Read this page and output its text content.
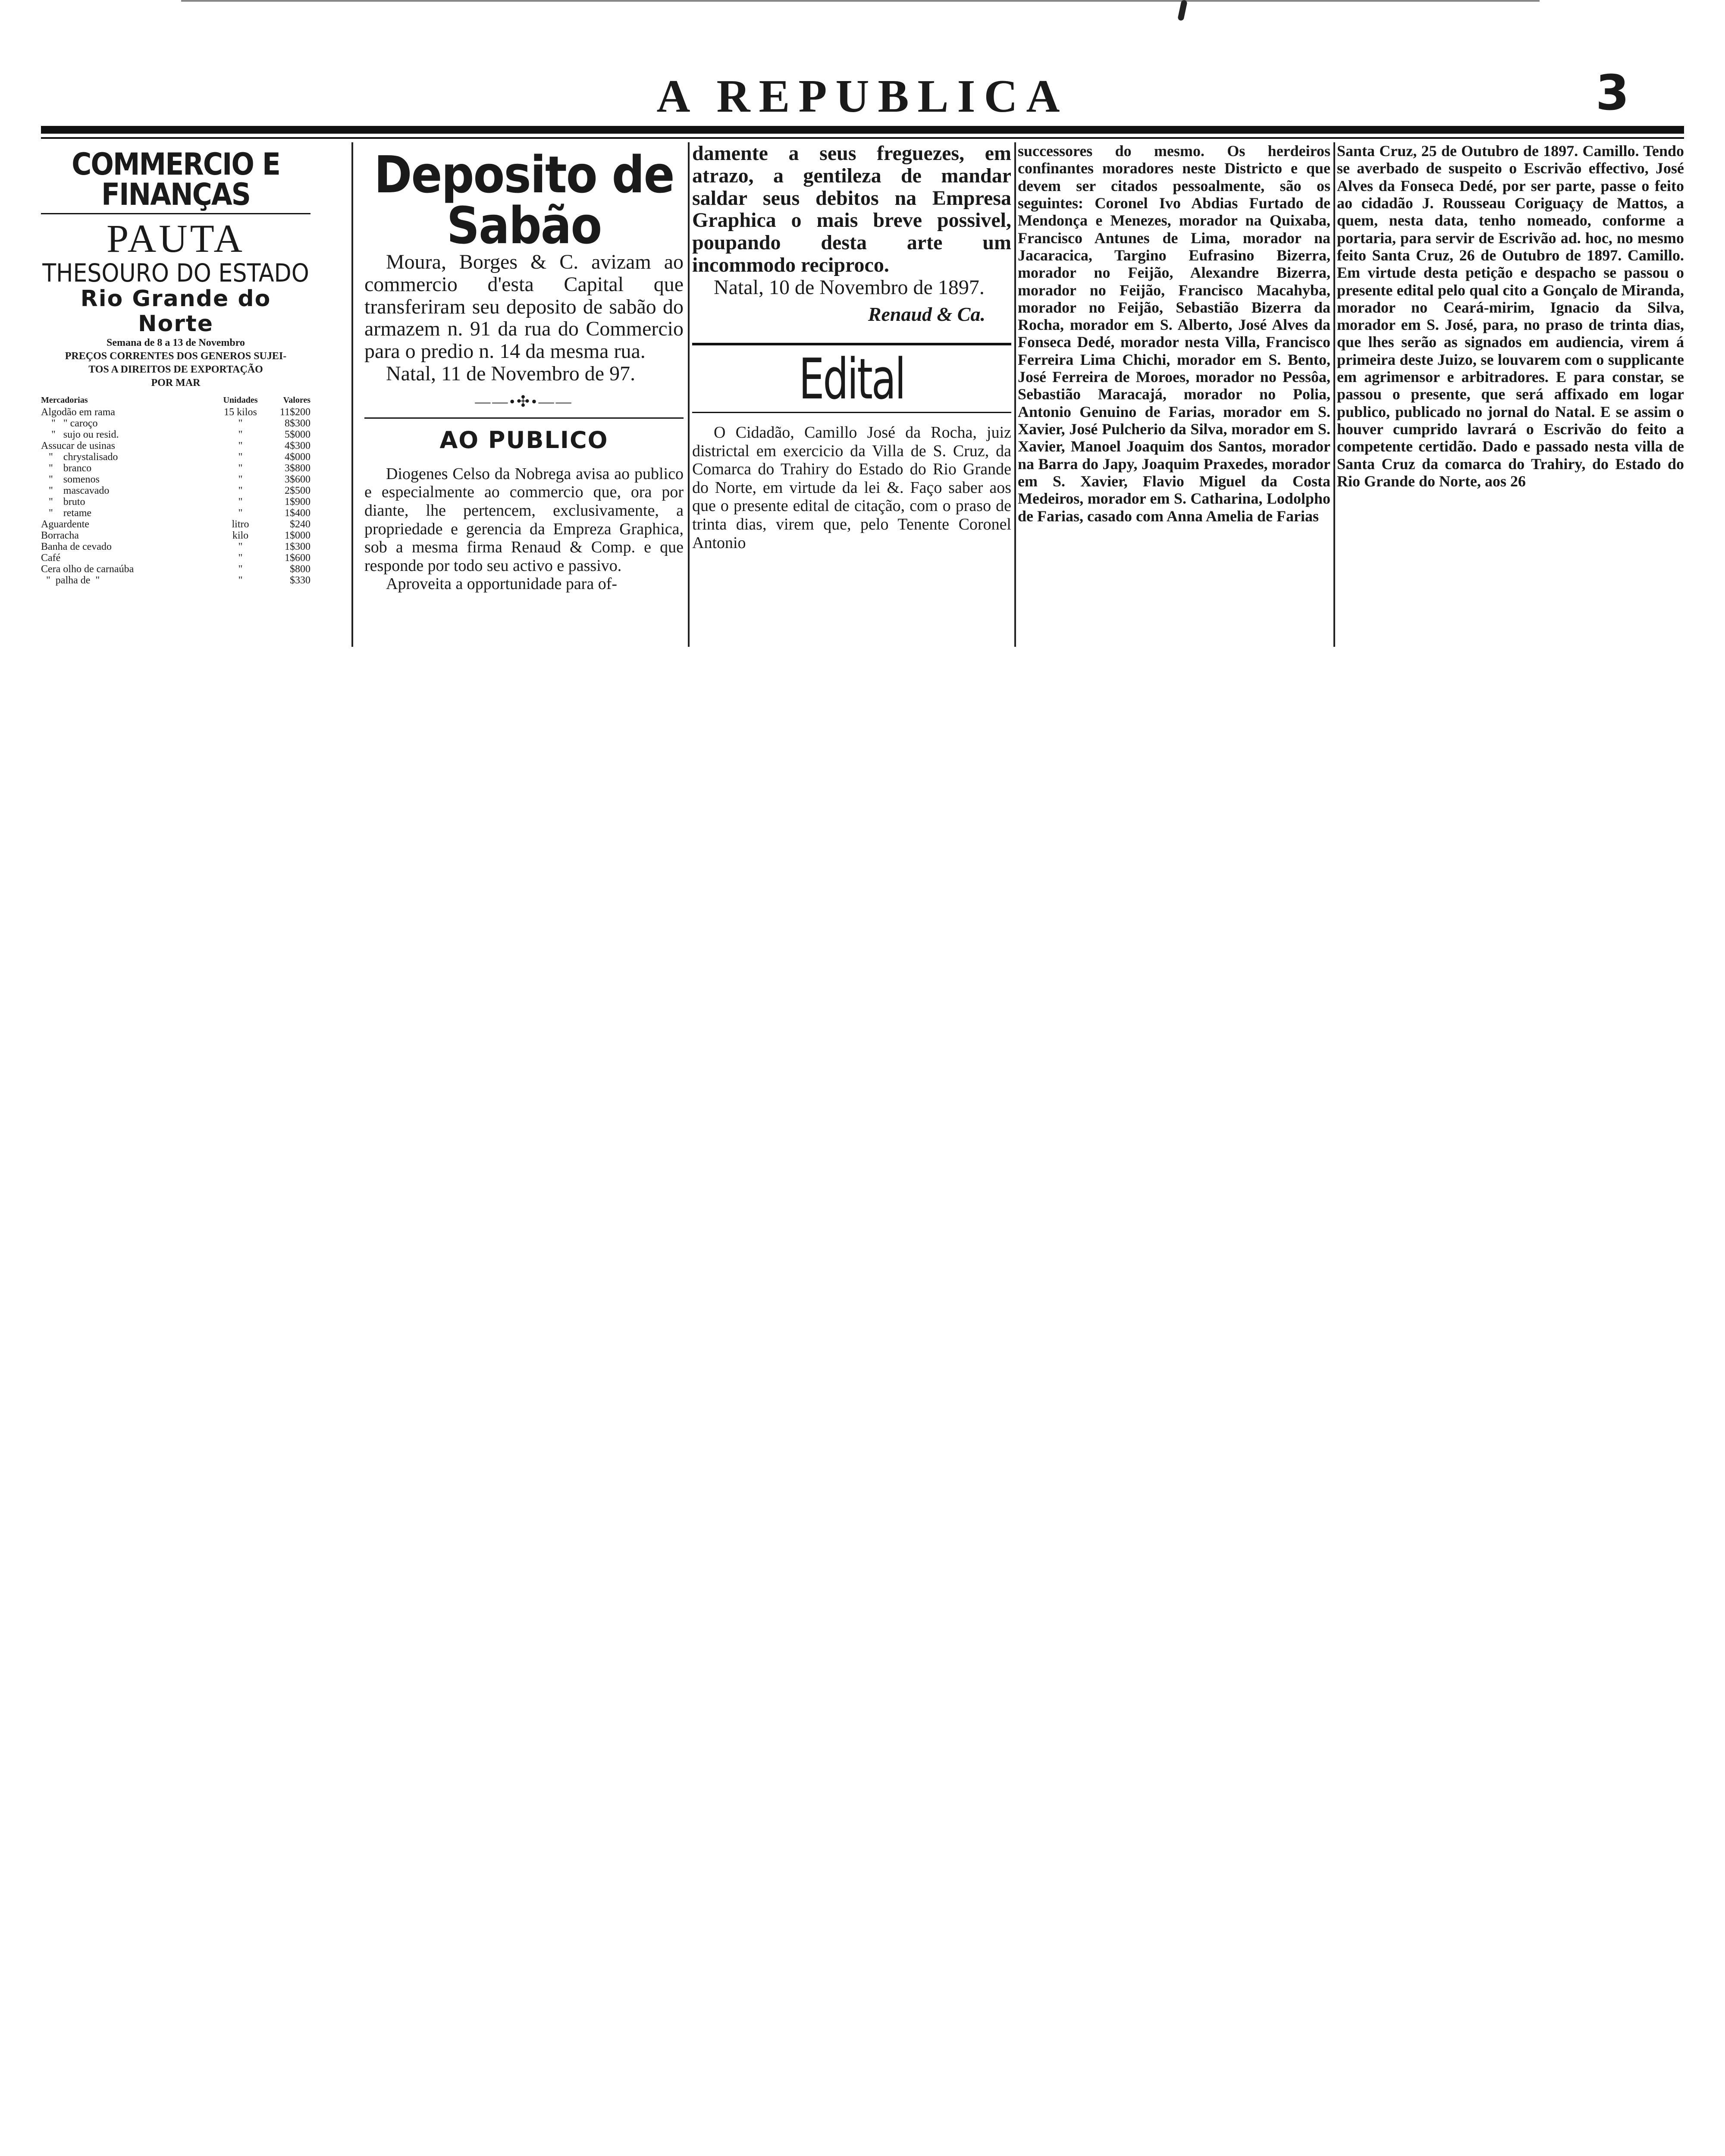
A REPUBLICA	3
COMMERCIO E FINANÇAS
PAUTA
THESOURO DO ESTADO
Rio Grande do Norte
Semana de 8 a 13 de Novembro
PREÇOS CORRENTES DOS GENEROS SUJEI-
TOS A DIREITOS DE EXPORTAÇÃO
POR MAR
Mercadorias	Unidades	Valores
Algodão em rama	15 kilos	11$200
"   " caroço	"	8$300
"   sujo ou resid.	"	5$000
Assucar de usinas	"	4$300
"    chrystalisado	"	4$000
"    branco	"	3$800
"    somenos	"	3$600
"    mascavado	"	2$500
"    bruto	"	1$900
"    retame	"	1$400
Aguardente	litro	$240
Borracha	kilo	1$000
Banha de cevado	"	1$300
Café	"	1$600
Cera olho de carnaúba	"	$800
"  palha de  "	"	$330
Deposito de Sabão

Moura, Borges & C. avizam ao commercio d'esta Capital que transferiram seu deposito de sabão do armazem n. 91 da rua do Commercio para o predio n. 14 da mesma rua.

Natal, 11 de Novembro de 97.
——•✣•——
AO PUBLICO

Diogenes Celso da Nobrega avisa ao publico e especialmente ao commercio que, ora por diante, lhe pertencem, exclusivamente, a propriedade e gerencia da Empreza Graphica, sob a mesma firma Renaud & Comp. e que responde por todo seu activo e passivo.

Aproveita a opportunidade para of-

damente a seus freguezes, em atrazo, a gentileza de mandar saldar seus debitos na Empresa Graphica o mais breve possivel, poupando desta arte um incommodo reciproco.

Natal, 10 de Novembro de 1897.
Renaud & Ca.
Edital

O Cidadão, Camillo José da Rocha, juiz districtal em exercicio da Villa de S. Cruz, da Comarca do Trahiry do Estado do Rio Grande do Norte, em virtude da lei &. Faço saber aos que o presente edital de citação, com o praso de trinta dias, virem que, pelo Tenente Coronel Antonio

successores do mesmo. Os herdeiros confinantes moradores neste Districto e que devem ser citados pessoalmente, são os seguintes: Coronel Ivo Abdias Furtado de Mendonça e Menezes, morador na Quixaba, Francisco Antunes de Lima, morador na Jacaracica, Targino Eufrasino Bizerra, morador no Feijão, Alexandre Bizerra, morador no Feijão, Francisco Macahyba, morador no Feijão, Sebastião Bizerra da Rocha, morador em S. Alberto, José Alves da Fonseca Dedé, morador nesta Villa, Francisco Ferreira Lima Chichi, morador em S. Bento, José Ferreira de Moroes, morador no Pessôa, Sebastião Maracajá, morador no Polia, Antonio Genuino de Farias, morador em S. Xavier, José Pulcherio da Silva, morador em S. Xavier, Manoel Joaquim dos Santos, morador na Barra do Japy, Joaquim Praxedes, morador em S. Xavier, Flavio Miguel da Costa Medeiros, morador em S. Catharina, Lodolpho de Farias, casado com Anna Amelia de Farias

Santa Cruz, 25 de Outubro de 1897. Camillo. Tendo se averbado de suspeito o Escrivão effectivo, José Alves da Fonseca Dedé, por ser parte, passe o feito ao cidadão J. Rousseau Coriguaçy de Mattos, a quem, nesta data, tenho nomeado, conforme a portaria, para servir de Escrivão ad. hoc, no mesmo feito Santa Cruz, 26 de Outubro de 1897. Camillo. Em virtude desta petição e despacho se passou o presente edital pelo qual cito a Gonçalo de Miranda, morador no Ceará-mirim, Ignacio da Silva, morador em S. José, para, no praso de trinta dias, que lhes serão as signados em audiencia, virem á primeira deste Juizo, se louvarem com o supplicante em agrimensor e arbitradores. E para constar, se passou o presente, que será affixado em logar publico, publicado no jornal do Natal. E se assim o houver cumprido lavrará o Escrivão do feito a competente certidão. Dado e passado nesta villa de Santa Cruz da comarca do Trahiry, do Estado do Rio Grande do Norte, aos 26
